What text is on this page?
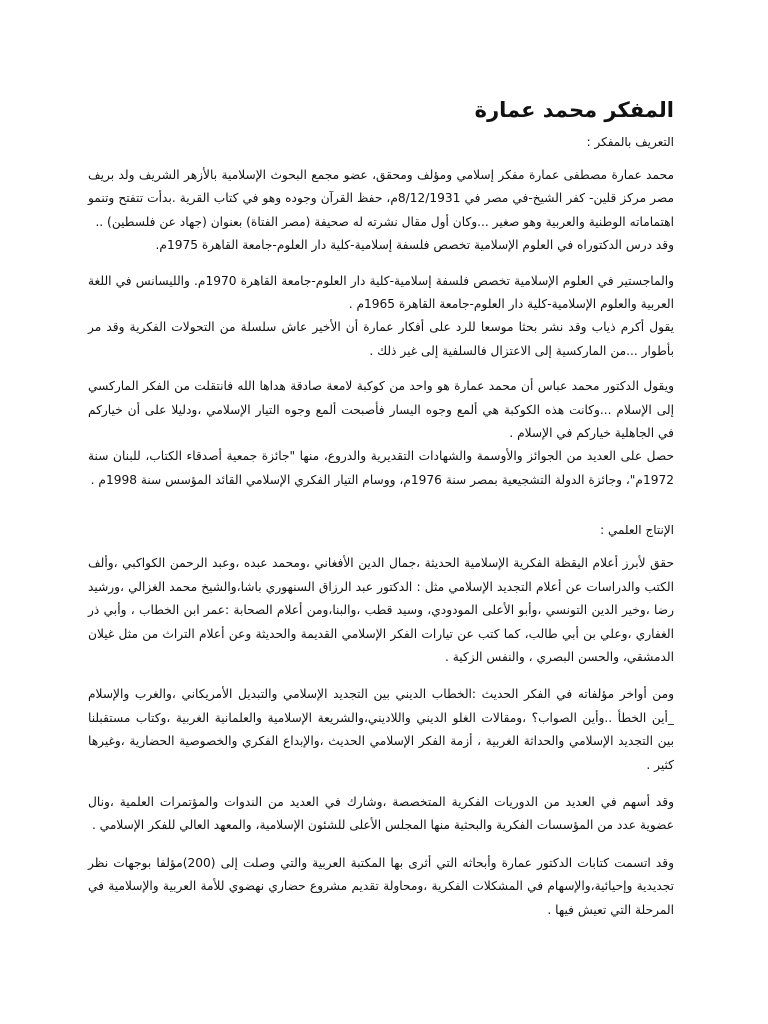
المفكر محمد عمارة
التعريف بالمفكر :

محمد عمارة مصطفى عمارة مفكر إسلامي ومؤلف ومحقق، عضو مجمع البحوث الإسلامية بالأزهر الشريف ولد بريف مصر مركز قلين- كفر الشيخ-في مصر في 8/12/1931م، حفظ القرآن وجوده وهو في كتاب القرية .بدأت تتفتح وتنمو اهتماماته الوطنية والعربية وهو صغير ...وكان أول مقال نشرته له صحيفة (مصر الفتاة) بعنوان (جهاد عن فلسطين) ..

وقد درس الدكتوراه في العلوم الإسلامية تخصص فلسفة إسلامية-كلية دار العلوم-جامعة القاهرة 1975م.

والماجستير في العلوم الإسلامية تخصص فلسفة إسلامية-كلية دار العلوم-جامعة القاهرة 1970م. والليسانس في اللغة العربية والعلوم الإسلامية-كلية دار العلوم-جامعة القاهرة 1965م .

يقول أكرم ذياب وقد نشر بحثا موسعا للرد على أفكار عمارة أن الأخير عاش سلسلة من التحولات الفكرية وقد مر بأطوار ...من الماركسية إلى الاعتزال فالسلفية إلى غير ذلك .

ويقول الدكتور محمد عباس أن محمد عمارة هو واحد من كوكبة لامعة صادقة هداها الله فانتقلت من الفكر الماركسي إلى الإسلام ...وكانت هذه الكوكبة هي ألمع وجوه اليسار فأصبحت ألمع وجوه التيار الإسلامي ،ودليلا على أن خياركم في الجاهلية خياركم في الإسلام .

حصل على العديد من الجوائز والأوسمة والشهادات التقديرية والدروع، منها "جائزة جمعية أصدقاء الكتاب، للبنان سنة 1972م"، وجائزة الدولة التشجيعية بمصر سنة 1976م، ووسام التيار الفكري الإسلامي القائد المؤسس سنة 1998م .

الإنتاج العلمي :

حقق لأبرز أعلام اليقظة الفكرية الإسلامية الحديثة ،جمال الدين الأفغاني ،ومحمد عبده ،وعبد الرحمن الكواكبي ،وألف الكتب والدراسات عن أعلام التجديد الإسلامي مثل : الدكتور عبد الرزاق السنهوري باشا،والشيخ محمد الغزالي ،ورشيد رضا ،وخير الدين التونسي ،وأبو الأعلى المودودي، وسيد قطب ،والبنا،ومن أعلام الصحابة :عمر ابن الخطاب ، وأبي ذر الغفاري ،وعلي بن أبي طالب، كما كتب عن تيارات الفكر الإسلامي القديمة والحديثة وعن أعلام التراث من مثل غيلان الدمشقي، والحسن البصري ، والنفس الزكية .

ومن أواخر مؤلفاته في الفكر الحديث :الخطاب الديني بين التجديد الإسلامي والتبديل الأمريكاني ،والغرب والإسلام _أين الخطأ ..وأين الصواب؟ ،ومقالات الغلو الديني واللاديني،والشريعة الإسلامية والعلمانية الغربية ،وكتاب مستقبلنا بين التجديد الإسلامي والحداثة الغربية ، أزمة الفكر الإسلامي الحديث ،والإبداع الفكري والخصوصية الحضارية ،وغيرها كثير .

وقد أسهم في العديد من الدوريات الفكرية المتخصصة ،وشارك في العديد من الندوات والمؤتمرات العلمية ،ونال عضوية عدد من المؤسسات الفكرية والبحثية منها المجلس الأعلى للشئون الإسلامية، والمعهد العالي للفكر الإسلامي .

وقد اتسمت كتابات الدكتور عمارة وأبحاثه التي أثرى بها المكتبة العربية والتي وصلت إلى (200)مؤلفا بوجهات نظر تجديدية وإحيائية،والإسهام في المشكلات الفكرية ،ومحاولة تقديم مشروع حضاري نهضوي للأمة العربية والإسلامية في المرحلة التي تعيش فيها .
